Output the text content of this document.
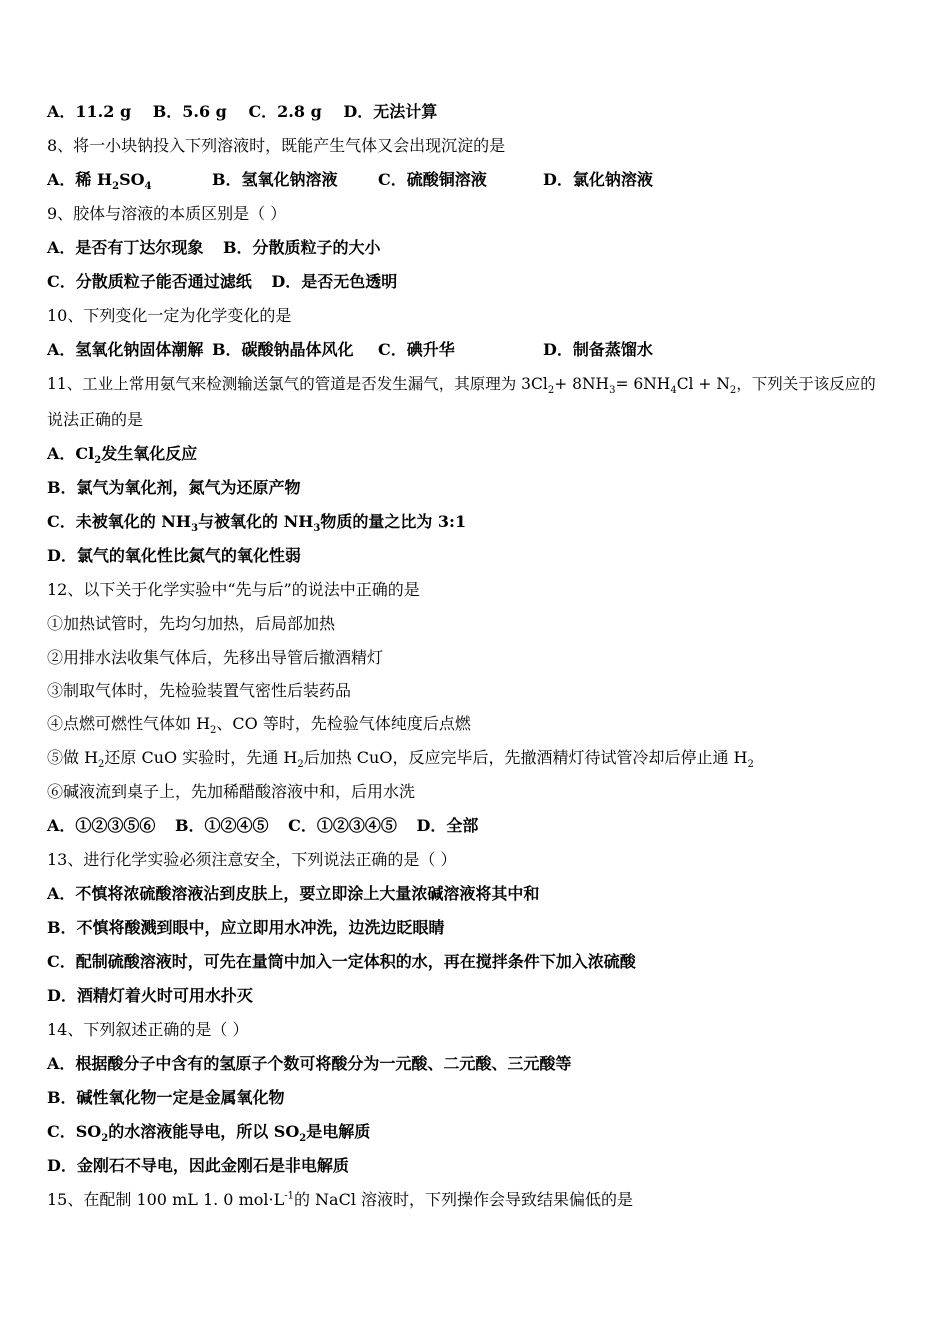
A．11.2 g B．5.6 g C．2.8 g D．无法计算
8、将一小块钠投入下列溶液时，既能产生气体又会出现沉淀的是
A．稀 $H_2SO_4$	B．氢氧化钠溶液	C．硫酸铜溶液	D．氯化钠溶液
9、胶体与溶液的本质区别是（ ）
A．是否有丁达尔现象 B．分散质粒子的大小
C．分散质粒子能否通过滤纸 D．是否无色透明
10、下列变化一定为化学变化的是
A．氢氧化钠固体潮解 B．碳酸钠晶体风化 C．碘升华	D．制备蒸馏水
11、工业上常用氨气来检测输送氯气的管道是否发生漏气，其原理为 $3Cl_2+ 8NH_3= 6NH_4Cl + N_2$，下列关于该反应的
说法正确的是
A．$Cl_2$发生氧化反应
B．氯气为氧化剂，氮气为还原产物
C．未被氧化的 $NH_3$与被氧化的 $NH_3$物质的量之比为 3:1
D．氯气的氧化性比氮气的氧化性弱
12、以下关于化学实验中“先与后”的说法中正确的是
①加热试管时，先均匀加热，后局部加热
②用排水法收集气体后，先移出导管后撤酒精灯
③制取气体时，先检验装置气密性后装药品
④点燃可燃性气体如 $H_2$、CO 等时，先检验气体纯度后点燃
⑤做 $H_2$还原 CuO 实验时，先通 $H_2$后加热 CuO，反应完毕后，先撤酒精灯待试管冷却后停止通 $H_2$
⑥碱液流到桌子上，先加稀醋酸溶液中和，后用水洗
A．①②③⑤⑥ B．①②④⑤ C．①②③④⑤ D．全部
13、进行化学实验必须注意安全，下列说法正确的是（ ）
A．不慎将浓硫酸溶液沾到皮肤上，要立即涂上大量浓碱溶液将其中和
B．不慎将酸溅到眼中，应立即用水冲洗，边洗边眨眼睛
C．配制硫酸溶液时，可先在量筒中加入一定体积的水，再在搅拌条件下加入浓硫酸
D．酒精灯着火时可用水扑灭
14、下列叙述正确的是（ ）
A．根据酸分子中含有的氢原子个数可将酸分为一元酸、二元酸、三元酸等
B．碱性氧化物一定是金属氧化物
C．$SO_2$的水溶液能导电，所以 $SO_2$是电解质
D．金刚石不导电，因此金刚石是非电解质
15、在配制 100 mL 1. 0 $mol\cdot L^{-1}$的 NaCl 溶液时，下列操作会导致结果偏低的是
